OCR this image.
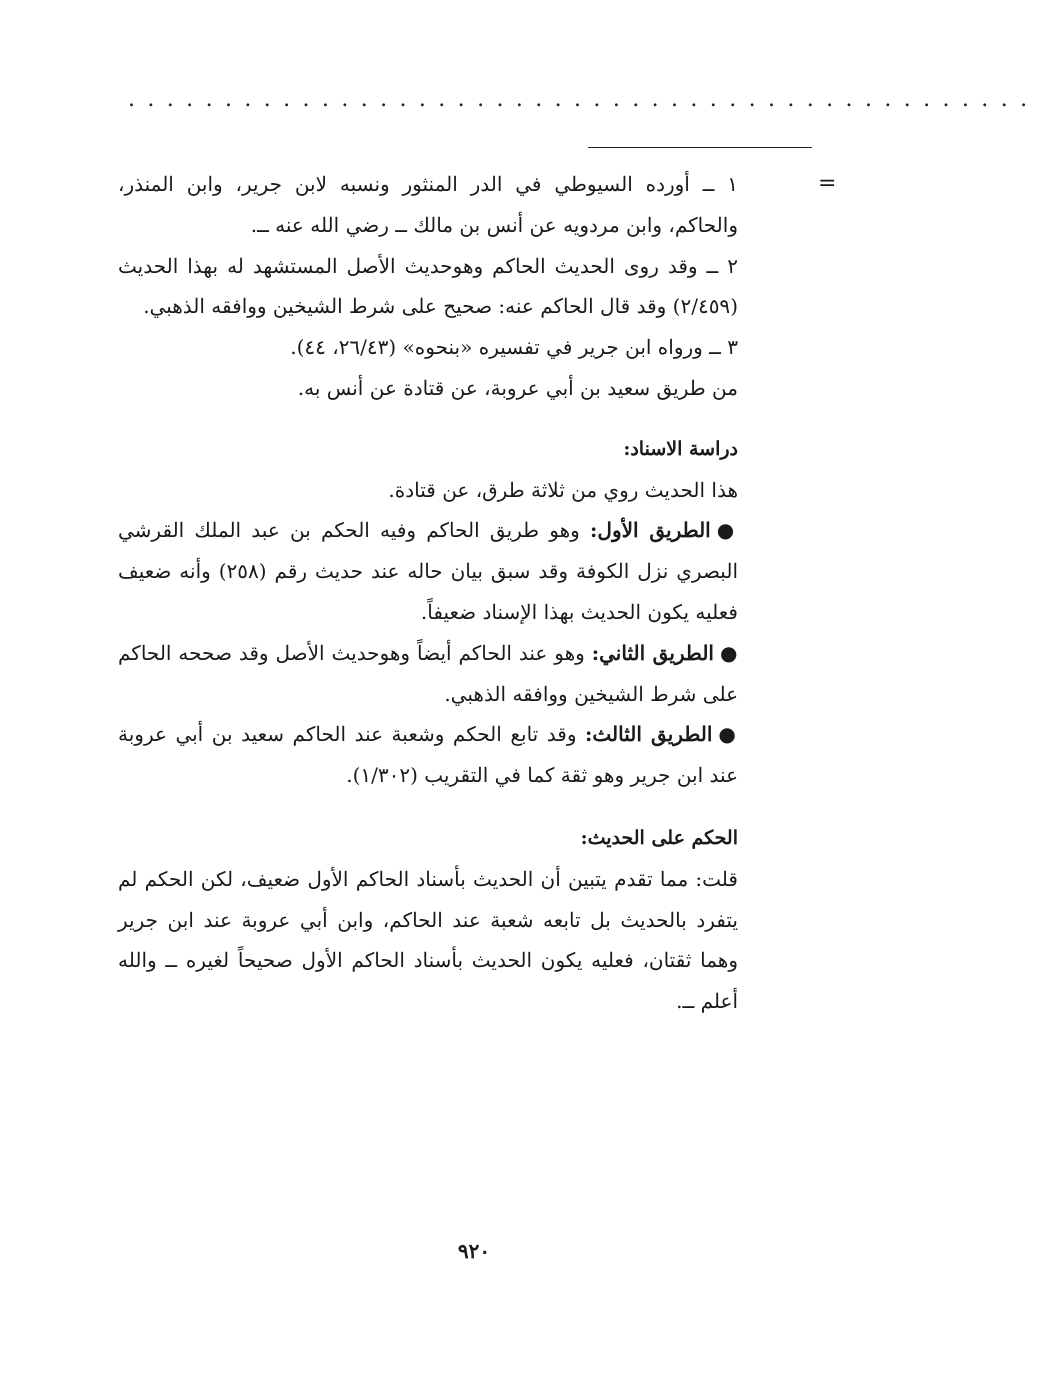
...............................................
=

١ ــ أورده السيوطي في الدر المنثور ونسبه لابن جرير، وابن المنذر، والحاكم، وابن مردويه عن أنس بن مالك ــ رضي الله عنه ــ.

٢ ــ وقد روى الحديث الحاكم وهوحديث الأصل المستشهد له بهذا الحديث (٢/٤٥٩) وقد قال الحاكم عنه: صحيح على شرط الشيخين ووافقه الذهبي.

٣ ــ ورواه ابن جرير في تفسيره «بنحوه» (٢٦/٤٣، ٤٤).

من طريق سعيد بن أبي عروبة، عن قتادة عن أنس به.

دراسة الاسناد:

هذا الحديث روي من ثلاثة طرق، عن قتادة.

●الطريق الأول: وهو طريق الحاكم وفيه الحكم بن عبد الملك القرشي البصري نزل الكوفة وقد سبق بيان حاله عند حديث رقم (٢٥٨) وأنه ضعيف فعليه يكون الحديث بهذا الإسناد ضعيفاً.

●الطريق الثاني: وهو عند الحاكم أيضاً وهوحديث الأصل وقد صححه الحاكم على شرط الشيخين ووافقه الذهبي.

●الطريق الثالث: وقد تابع الحكم وشعبة عند الحاكم سعيد بن أبي عروبة عند ابن جرير وهو ثقة كما في التقريب (١/٣٠٢).

الحكم على الحديث:

قلت: مما تقدم يتبين أن الحديث بأسناد الحاكم الأول ضعيف، لكن الحكم لم يتفرد بالحديث بل تابعه شعبة عند الحاكم، وابن أبي عروبة عند ابن جرير وهما ثقتان، فعليه يكون الحديث بأسناد الحاكم الأول صحيحاً لغيره ــ والله أعلم ــ.

٩٢٠
